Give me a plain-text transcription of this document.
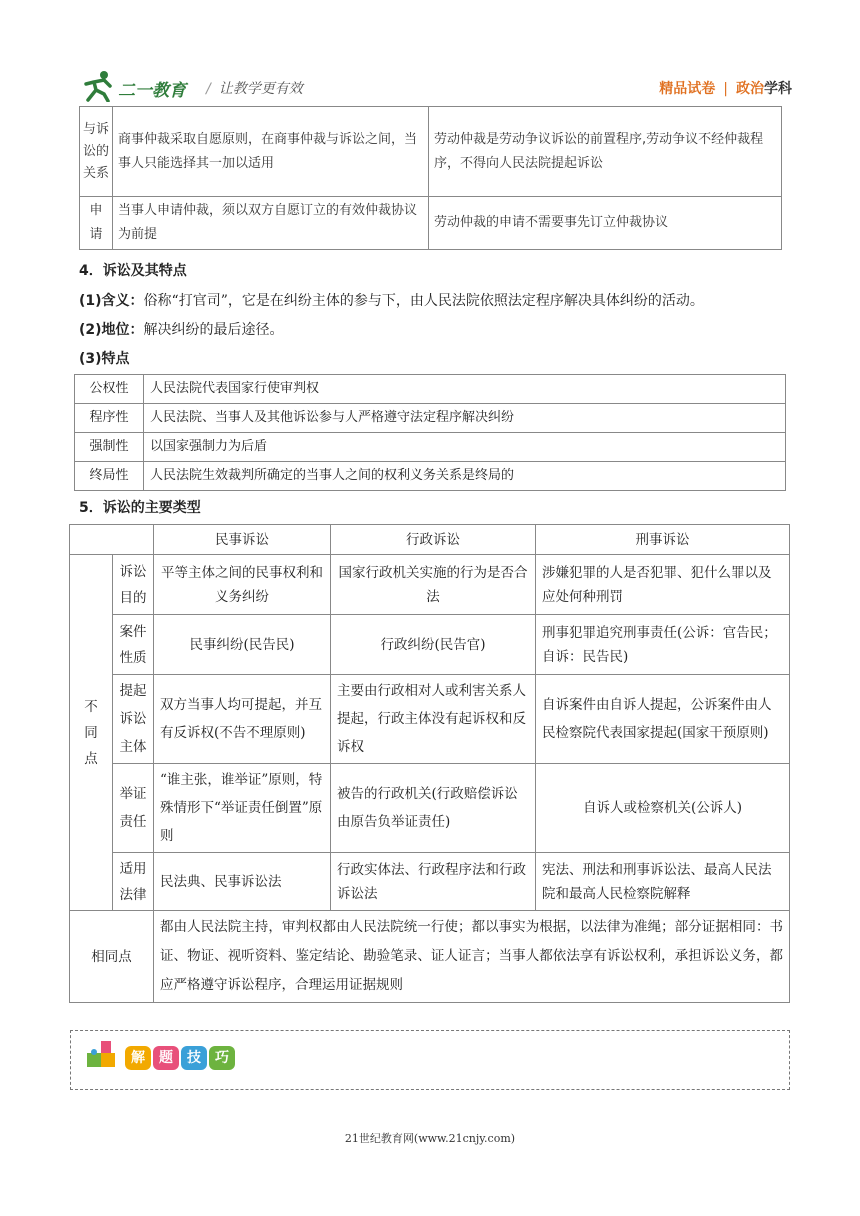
二一教育 / 让教学更有效	精品试卷 | 政治学科
与诉讼的关系	商事仲裁采取自愿原则，在商事仲裁与诉讼之间，当事人只能选择其一加以适用	劳动仲裁是劳动争议诉讼的前置程序,劳动争议不经仲裁程序，不得向人民法院提起诉讼
申请	当事人申请仲裁，须以双方自愿订立的有效仲裁协议为前提	劳动仲裁的申请不需要事先订立仲裁协议
4．诉讼及其特点
(1)含义：俗称“打官司”，它是在纠纷主体的参与下，由人民法院依照法定程序解决具体纠纷的活动。
(2)地位：解决纠纷的最后途径。
(3)特点
公权性	人民法院代表国家行使审判权
程序性	人民法院、当事人及其他诉讼参与人严格遵守法定程序解决纠纷
强制性	以国家强制力为后盾
终局性	人民法院生效裁判所确定的当事人之间的权利义务关系是终局的
5．诉讼的主要类型
		民事诉讼	行政诉讼	刑事诉讼
不同点	诉讼目的	平等主体之间的民事权利和义务纠纷	国家行政机关实施的行为是否合法	涉嫌犯罪的人是否犯罪、犯什么罪以及应处何种刑罚
	案件性质	民事纠纷(民告民)	行政纠纷(民告官)	刑事犯罪追究刑事责任(公诉：官告民；自诉：民告民)
	提起诉讼主体	双方当事人均可提起，并互有反诉权(不告不理原则)	主要由行政相对人或利害关系人提起，行政主体没有起诉权和反诉权	自诉案件由自诉人提起，公诉案件由人民检察院代表国家提起(国家干预原则)
	举证责任	“谁主张，谁举证”原则，特殊情形下“举证责任倒置”原则	被告的行政机关(行政赔偿诉讼由原告负举证责任)	自诉人或检察机关(公诉人)
	适用法律	民法典、民事诉讼法	行政实体法、行政程序法和行政诉讼法	宪法、刑法和刑事诉讼法、最高人民法院和最高人民检察院解释
相同点		都由人民法院主持，审判权都由人民法院统一行使；都以事实为根据，以法律为准绳；部分证据相同：书证、物证、视听资料、鉴定结论、勘验笔录、证人证言；当事人都依法享有诉讼权利，承担诉讼义务，都应严格遵守诉讼程序，合理运用证据规则		
解	题	技	巧
21世纪教育网(www.21cnjy.com)
